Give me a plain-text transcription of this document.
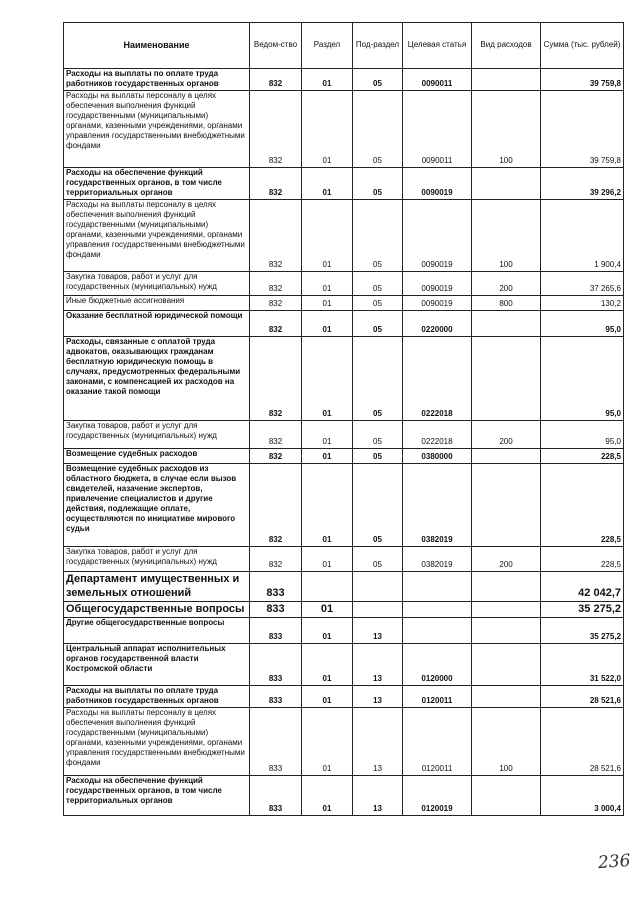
Наименование	Ведом-ство	Раздел	Под-раздел	Целевая статья	Вид расходов	Сумма (тыс. рублей)
Расходы на выплаты по оплате труда работников государственных органов	832	01	05	0090011		39 759,8
Расходы на выплаты персоналу в целях обеспечения выполнения функций государственными (муниципальными) органами, казенными учреждениями, органами управления государственными внебюджетными фондами	832	01	05	0090011	100	39 759,8
Расходы на обеспечение функций государственных органов, в том числе территориальных органов	832	01	05	0090019		39 296,2
Расходы на выплаты персоналу в целях обеспечения выполнения функций государственными (муниципальными) органами, казенными учреждениями, органами управления государственными внебюджетными фондами	832	01	05	0090019	100	1 900,4
Закупка товаров, работ и услуг для государственных (муниципальных) нужд	832	01	05	0090019	200	37 265,6
Иные бюджетные ассигнования	832	01	05	0090019	800	130,2
Оказание бесплатной юридической помощи	832	01	05	0220000		95,0
Расходы, связанные с оплатой труда адвокатов, оказывающих гражданам бесплатную юридическую помощь в случаях, предусмотренных федеральными законами, с компенсацией их расходов на оказание такой помощи	832	01	05	0222018		95,0
Закупка товаров, работ и услуг для государственных (муниципальных) нужд	832	01	05	0222018	200	95,0
Возмещение судебных расходов	832	01	05	0380000		228,5
Возмещение судебных расходов из областного бюджета, в случае если вызов свидетелей, назачение экспертов, привлечение специалистов и другие действия, подлежащие оплате, осуществляются по инициативе мирового судьи	832	01	05	0382019		228,5
Закупка товаров, работ и услуг для государственных (муниципальных) нужд	832	01	05	0382019	200	228,5
Департамент имущественных и земельных отношений	833					42 042,7
Общегосударственные вопросы	833	01				35 275,2
Другие общегосударственные вопросы	833	01	13			35 275,2
Центральный аппарат исполнительных органов государственной власти Костромской области	833	01	13	0120000		31 522,0
Расходы на выплаты по оплате труда работников государственных органов	833	01	13	0120011		28 521,6
Расходы на выплаты персоналу в целях обеспечения выполнения функций государственными (муниципальными) органами, казенными учреждениями, органами управления государственными внебюджетными фондами	833	01	13	0120011	100	28 521,6
Расходы на обеспечение функций государственных органов, в том числе территориальных органов	833	01	13	0120019		3 000,4
236
